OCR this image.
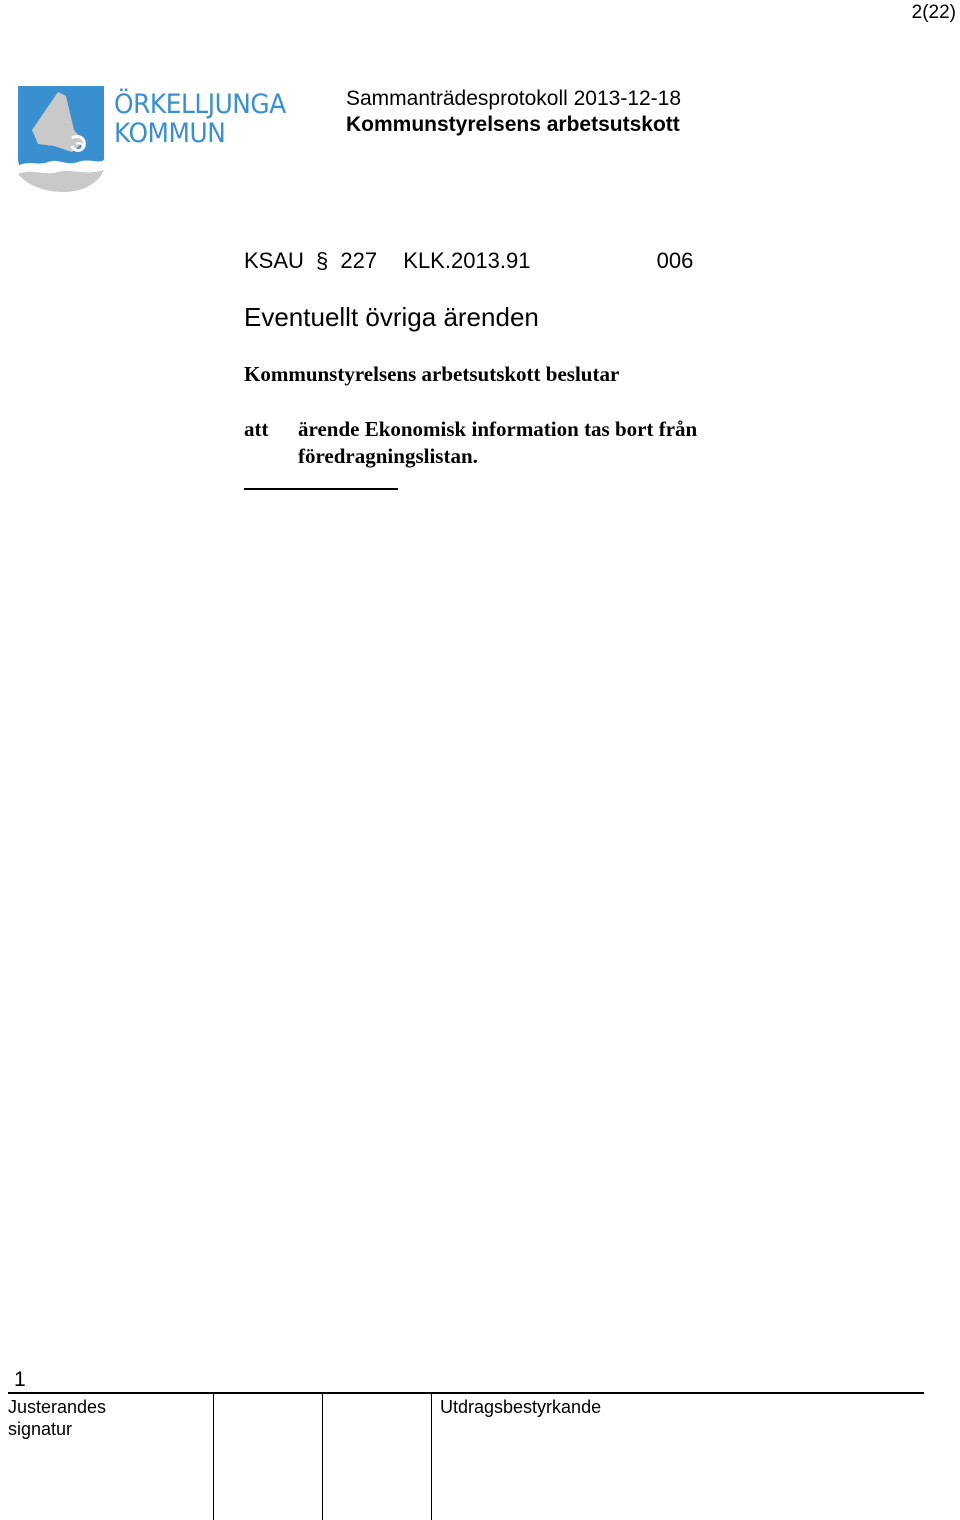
2(22)
ÖRKELLJUNGA
KOMMUN
Sammanträdesprotokoll 2013-12-18
Kommunstyrelsens arbetsutskott
KSAU § 227 KLK.2013.91	006
Eventuellt övriga ärenden
Kommunstyrelsens arbetsutskott beslutar
att ärende Ekonomisk information tas bort från föredragningslistan.
1
Justerandes
signatur
Utdragsbestyrkande
